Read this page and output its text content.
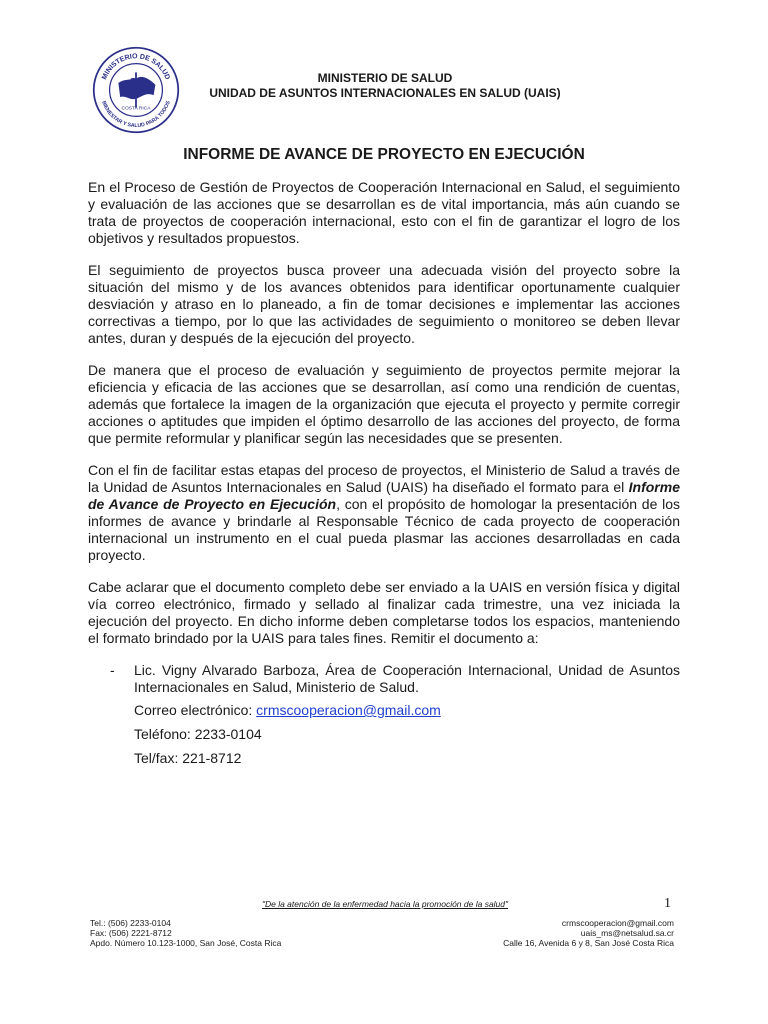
MINISTERIO DE SALUD
BIENESTAR Y SALUD PARA TODOS
COSTA RICA
MINISTERIO DE SALUD
UNIDAD DE ASUNTOS INTERNACIONALES EN SALUD (UAIS)
INFORME DE AVANCE DE PROYECTO EN EJECUCIÓN

En el Proceso de Gestión de Proyectos de Cooperación Internacional en Salud, el seguimiento y evaluación de las acciones que se desarrollan es de vital importancia, más aún cuando se trata de proyectos de cooperación internacional, esto con el fin de garantizar el logro de los objetivos y resultados propuestos.

El seguimiento de proyectos busca proveer una adecuada visión del proyecto sobre la situación del mismo y de los avances obtenidos para identificar oportunamente cualquier desviación y atraso en lo planeado, a fin de tomar decisiones e implementar las acciones correctivas a tiempo, por lo que las actividades de seguimiento o monitoreo se deben llevar antes, duran y después de la ejecución del proyecto.

De manera que el proceso de evaluación y seguimiento de proyectos permite mejorar la eficiencia y eficacia de las acciones que se desarrollan, así como una rendición de cuentas, además que fortalece la imagen de la organización que ejecuta el proyecto y permite corregir acciones o aptitudes que impiden el óptimo desarrollo de las acciones del proyecto, de forma que permite reformular y planificar según las necesidades que se presenten.

Con el fin de facilitar estas etapas del proceso de proyectos, el Ministerio de Salud a través de la Unidad de Asuntos Internacionales en Salud (UAIS) ha diseñado el formato para el Informe de Avance de Proyecto en Ejecución, con el propósito de homologar la presentación de los informes de avance y brindarle al Responsable Técnico de cada proyecto de cooperación internacional un instrumento en el cual pueda plasmar las acciones desarrolladas en cada proyecto.

Cabe aclarar que el documento completo debe ser enviado a la UAIS en versión física y digital vía correo electrónico, firmado y sellado al finalizar cada trimestre, una vez iniciada la ejecución del proyecto. En dicho informe deben completarse todos los espacios, manteniendo el formato brindado por la UAIS para tales fines. Remitir el documento a:

- Lic. Vigny Alvarado Barboza, Área de Cooperación Internacional, Unidad de Asuntos Internacionales en Salud, Ministerio de Salud.

Correo electrónico: crmscooperacion@gmail.com

Teléfono: 2233-0104

Tel/fax: 221-8712

"De la atención de la enfermedad hacia la promoción de la salud"	1
Tel.: (506) 2233-0104
Fax: (506) 2221-8712
Apdo. Número 10.123-1000, San José, Costa Rica
crmscooperacion@gmail.com
uais_ms@netsalud.sa.cr
Calle 16, Avenida 6 y 8, San José Costa Rica
